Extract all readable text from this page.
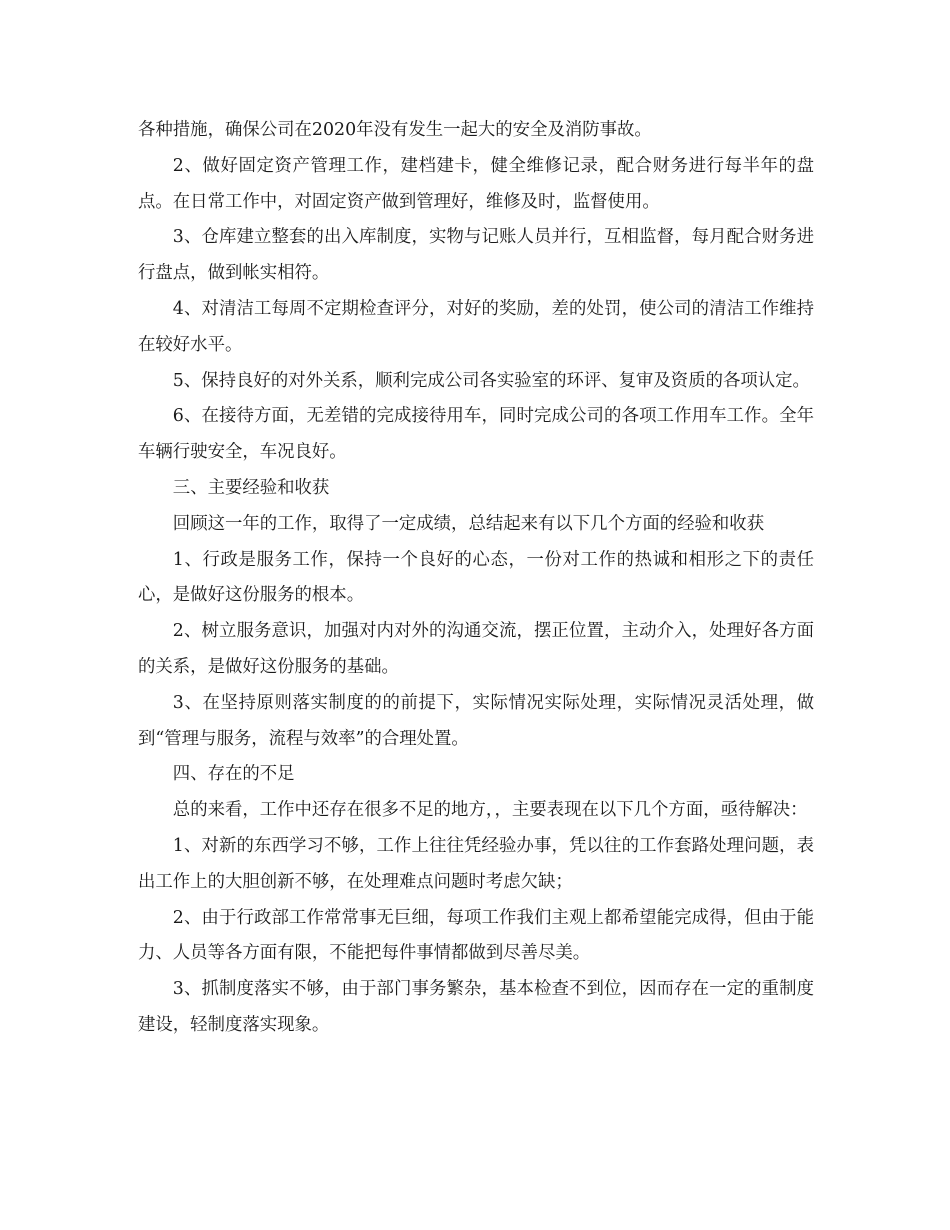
各种措施，确保公司在2020年没有发生一起大的安全及消防事故。

2、做好固定资产管理工作，建档建卡，健全维修记录，配合财务进行每半年的盘点。在日常工作中，对固定资产做到管理好，维修及时，监督使用。

3、仓库建立整套的出入库制度，实物与记账人员并行，互相监督，每月配合财务进行盘点，做到帐实相符。

4、对清洁工每周不定期检查评分，对好的奖励，差的处罚，使公司的清洁工作维持在较好水平。

5、保持良好的对外关系，顺利完成公司各实验室的环评、复审及资质的各项认定。

6、在接待方面，无差错的完成接待用车，同时完成公司的各项工作用车工作。全年车辆行驶安全，车况良好。

三、主要经验和收获

回顾这一年的工作，取得了一定成绩，总结起来有以下几个方面的经验和收获

1、行政是服务工作，保持一个良好的心态，一份对工作的热诚和相形之下的责任心，是做好这份服务的根本。

2、树立服务意识，加强对内对外的沟通交流，摆正位置，主动介入，处理好各方面的关系，是做好这份服务的基础。

3、在坚持原则落实制度的的前提下，实际情况实际处理，实际情况灵活处理，做到“管理与服务，流程与效率”的合理处置。

四、存在的不足

总的来看，工作中还存在很多不足的地方，，主要表现在以下几个方面，亟待解决：

1、对新的东西学习不够，工作上往往凭经验办事，凭以往的工作套路处理问题，表出工作上的大胆创新不够，在处理难点问题时考虑欠缺；

2、由于行政部工作常常事无巨细，每项工作我们主观上都希望能完成得，但由于能力、人员等各方面有限，不能把每件事情都做到尽善尽美。

3、抓制度落实不够，由于部门事务繁杂，基本检查不到位，因而存在一定的重制度建设，轻制度落实现象。
